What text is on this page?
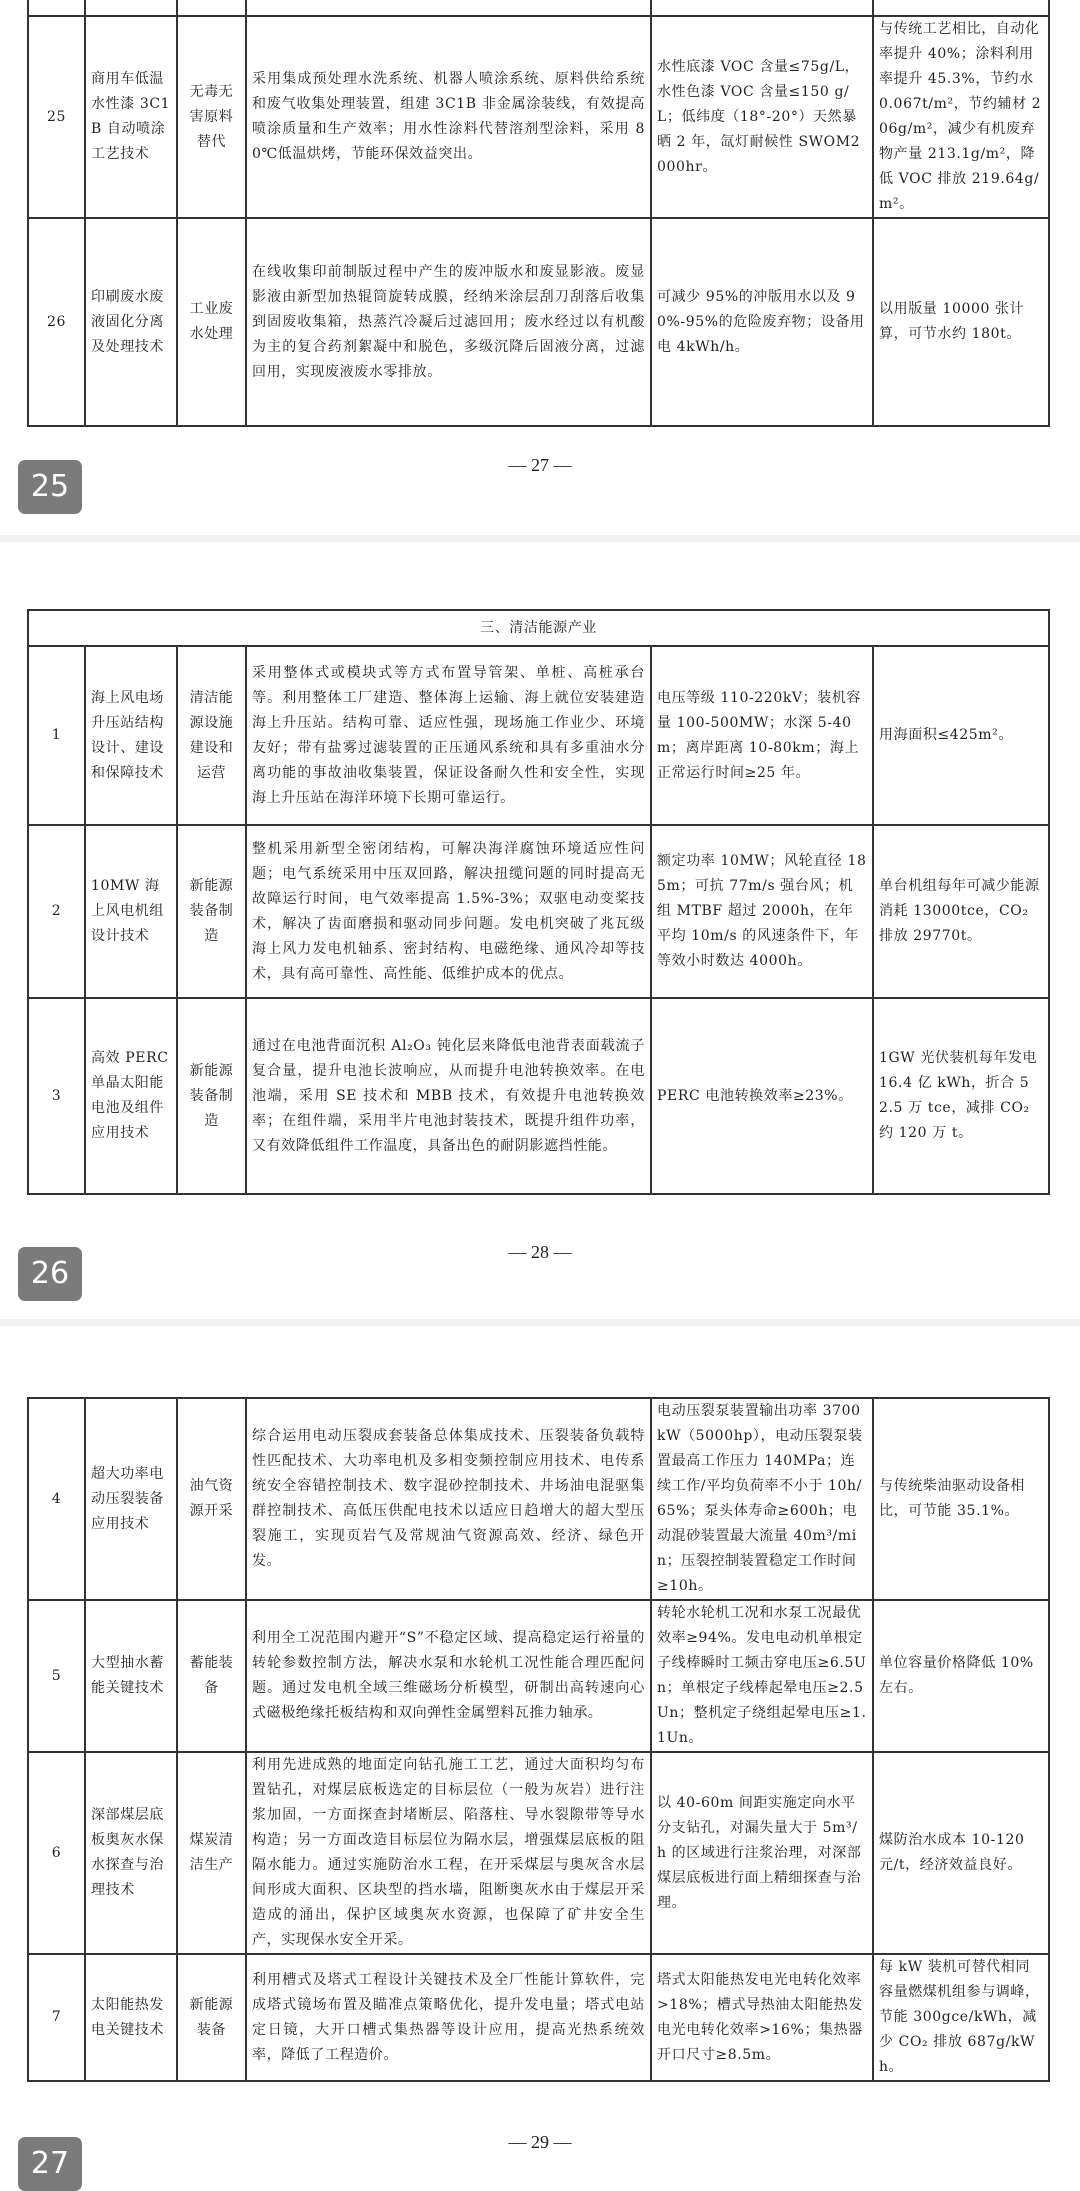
25	商用车低温水性漆 3C1B 自动喷涂工艺技术	无毒无害原料替代	采用集成预处理水洗系统、机器人喷涂系统、原料供给系统和废气收集处理装置，组建 3C1B 非金属涂装线，有效提高喷涂质量和生产效率；用水性涂料代替溶剂型涂料，采用 80℃低温烘烤，节能环保效益突出。	水性底漆 VOC 含量≤75g/L，水性色漆 VOC 含量≤150 g/L；低纬度（18°-20°）天然暴晒 2 年，氙灯耐候性 SWOM2000hr。	与传统工艺相比，自动化率提升 40%；涂料利用率提升 45.3%，节约水 0.067t/m²，节约辅材 206g/m²，减少有机废弃物产量 213.1g/m²，降低 VOC 排放 219.64g/m²。
26	印刷废水废液固化分离及处理技术	工业废水处理	在线收集印前制版过程中产生的废冲版水和废显影液。废显影液由新型加热辊筒旋转成膜，经纳米涂层刮刀刮落后收集到固废收集箱，热蒸汽冷凝后过滤回用；废水经过以有机酸为主的复合药剂絮凝中和脱色，多级沉降后固液分离，过滤回用，实现废液废水零排放。	可减少 95%的冲版用水以及 90%-95%的危险废弃物；设备用电 4kWh/h。	以用版量 10000 张计算，可节水约 180t。
— 27 —
25
三、清洁能源产业					
1	海上风电场升压站结构设计、建设和保障技术	清洁能源设施建设和运营	采用整体式或模块式等方式布置导管架、单桩、高桩承台等。利用整体工厂建造、整体海上运输、海上就位安装建造海上升压站。结构可靠、适应性强，现场施工作业少、环境友好；带有盐雾过滤装置的正压通风系统和具有多重油水分离功能的事故油收集装置，保证设备耐久性和安全性，实现海上升压站在海洋环境下长期可靠运行。	电压等级 110-220kV；装机容量 100-500MW；水深 5-40m；离岸距离 10-80km；海上正常运行时间≥25 年。	用海面积≤425m²。
2	10MW 海上风电机组设计技术	新能源装备制造	整机采用新型全密闭结构，可解决海洋腐蚀环境适应性问题；电气系统采用中压双回路，解决扭缆问题的同时提高无故障运行时间，电气效率提高 1.5%-3%；双驱电动变桨技术，解决了齿面磨损和驱动同步问题。发电机突破了兆瓦级海上风力发电机轴系、密封结构、电磁绝缘、通风冷却等技术，具有高可靠性、高性能、低维护成本的优点。	额定功率 10MW；风轮直径 185m；可抗 77m/s 强台风；机组 MTBF 超过 2000h，在年平均 10m/s 的风速条件下，年等效小时数达 4000h。	单台机组每年可减少能源消耗 13000tce，CO₂ 排放 29770t。
3	高效 PERC 单晶太阳能电池及组件应用技术	新能源装备制造	通过在电池背面沉积 Al₂O₃ 钝化层来降低电池背表面载流子复合量，提升电池长波响应，从而提升电池转换效率。在电池端，采用 SE 技术和 MBB 技术，有效提升电池转换效率；在组件端，采用半片电池封装技术，既提升组件功率，又有效降低组件工作温度，具备出色的耐阴影遮挡性能。	PERC 电池转换效率≥23%。	1GW 光伏装机每年发电 16.4 亿 kWh，折合 52.5 万 tce，减排 CO₂ 约 120 万 t。
— 28 —
26
4	超大功率电动压裂装备应用技术	油气资源开采	综合运用电动压裂成套装备总体集成技术、压裂装备负载特性匹配技术、大功率电机及多相变频控制应用技术、电传系统安全容错控制技术、数字混砂控制技术、井场油电混驱集群控制技术、高低压供配电技术以适应日趋增大的超大型压裂施工，实现页岩气及常规油气资源高效、经济、绿色开发。	电动压裂泵装置输出功率 3700kW（5000hp），电动压裂泵装置最高工作压力 140MPa；连续工作/平均负荷率不小于 10h/65%；泵头体寿命≥600h；电动混砂装置最大流量 40m³/min；压裂控制装置稳定工作时间≥10h。	与传统柴油驱动设备相比，可节能 35.1%。
5	大型抽水蓄能关键技术	蓄能装备	利用全工况范围内避开“S”不稳定区域、提高稳定运行裕量的转轮参数控制方法，解决水泵和水轮机工况性能合理匹配问题。通过发电机全域三维磁场分析模型，研制出高转速向心式磁极绝缘托板结构和双向弹性金属塑料瓦推力轴承。	转轮水轮机工况和水泵工况最优效率≥94%。发电电动机单根定子线棒瞬时工频击穿电压≥6.5Un；单根定子线棒起晕电压≥2.5Un；整机定子绕组起晕电压≥1.1Un。	单位容量价格降低 10%左右。
6	深部煤层底板奥灰水保水探查与治理技术	煤炭清洁生产	利用先进成熟的地面定向钻孔施工工艺，通过大面积均匀布置钻孔，对煤层底板选定的目标层位（一般为灰岩）进行注浆加固，一方面探查封堵断层、陷落柱、导水裂隙带等导水构造；另一方面改造目标层位为隔水层，增强煤层底板的阻隔水能力。通过实施防治水工程，在开采煤层与奥灰含水层间形成大面积、区块型的挡水墙，阻断奥灰水由于煤层开采造成的涌出，保护区域奥灰水资源，也保障了矿井安全生产，实现保水安全开采。	以 40-60m 间距实施定向水平分支钻孔，对漏失量大于 5m³/h 的区域进行注浆治理，对深部煤层底板进行面上精细探查与治理。	煤防治水成本 10-120 元/t，经济效益良好。
7	太阳能热发电关键技术	新能源装备	利用槽式及塔式工程设计关键技术及全厂性能计算软件，完成塔式镜场布置及瞄准点策略优化，提升发电量；塔式电站定日镜，大开口槽式集热器等设计应用，提高光热系统效率，降低了工程造价。	塔式太阳能热发电光电转化效率>18%；槽式导热油太阳能热发电光电转化效率>16%；集热器开口尺寸≥8.5m。	每 kW 装机可替代相同容量燃煤机组参与调峰，节能 300gce/kWh，减少 CO₂ 排放 687g/kWh。
— 29 —
27
